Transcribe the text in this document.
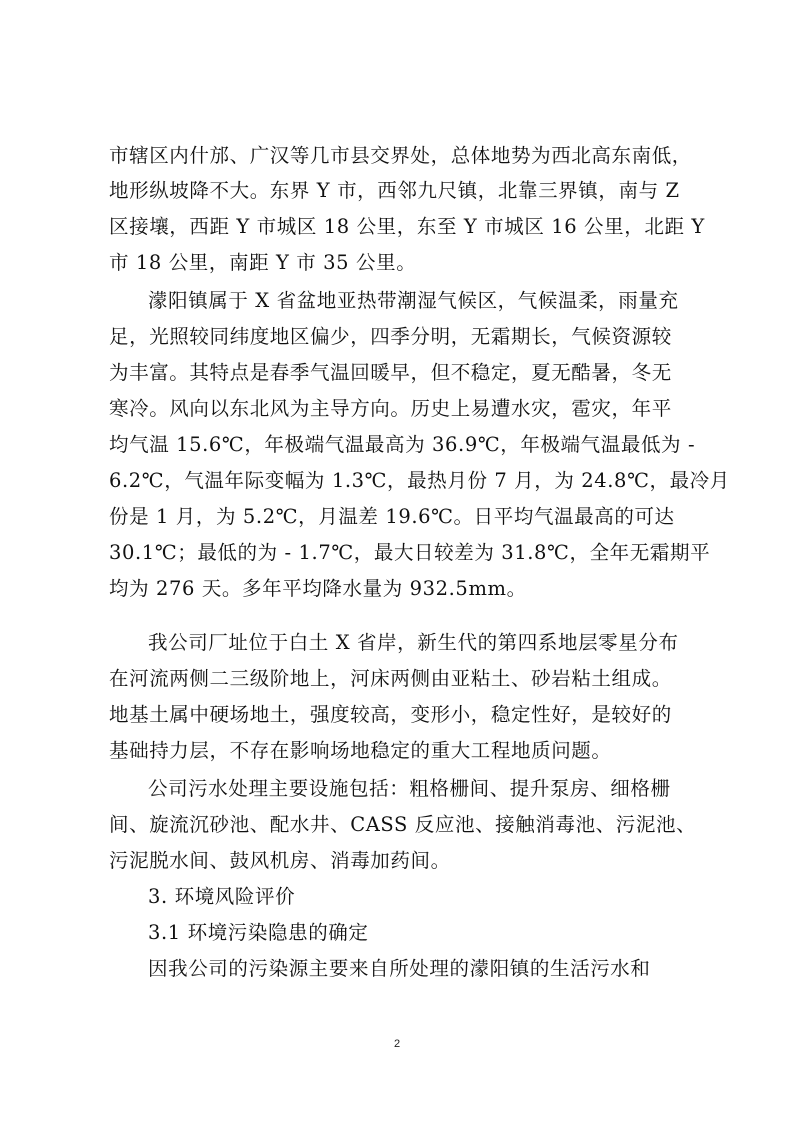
市辖区内什邡、广汉等几市县交界处，总体地势为西北高东南低，
地形纵坡降不大。东界 Y 市，西邻九尺镇，北靠三界镇，南与 Z
区接壤，西距 Y 市城区 18 公里，东至 Y 市城区 16 公里，北距 Y
市 18 公里，南距 Y 市 35 公里。
濛阳镇属于 X 省盆地亚热带潮湿气候区，气候温柔，雨量充
足，光照较同纬度地区偏少，四季分明，无霜期长，气候资源较
为丰富。其特点是春季气温回暖早，但不稳定，夏无酷暑，冬无
寒冷。风向以东北风为主导方向。历史上易遭水灾，雹灾，年平
均气温 15.6℃，年极端气温最高为 36.9℃，年极端气温最低为 -
6.2℃，气温年际变幅为 1.3℃，最热月份 7 月，为 24.8℃，最冷月
份是 1 月，为 5.2℃，月温差 19.6℃。日平均气温最高的可达
30.1℃；最低的为 - 1.7℃，最大日较差为 31.8℃，全年无霜期平
均为 276 天。多年平均降水量为 932.5mm。
我公司厂址位于白土 X 省岸，新生代的第四系地层零星分布
在河流两侧二三级阶地上，河床两侧由亚粘土、砂岩粘土组成。
地基土属中硬场地土，强度较高，变形小，稳定性好，是较好的
基础持力层，不存在影响场地稳定的重大工程地质问题。
公司污水处理主要设施包括：粗格栅间、提升泵房、细格栅
间、旋流沉砂池、配水井、CASS 反应池、接触消毒池、污泥池、
污泥脱水间、鼓风机房、消毒加药间。
3. 环境风险评价
3.1 环境污染隐患的确定
因我公司的污染源主要来自所处理的濛阳镇的生活污水和
2
